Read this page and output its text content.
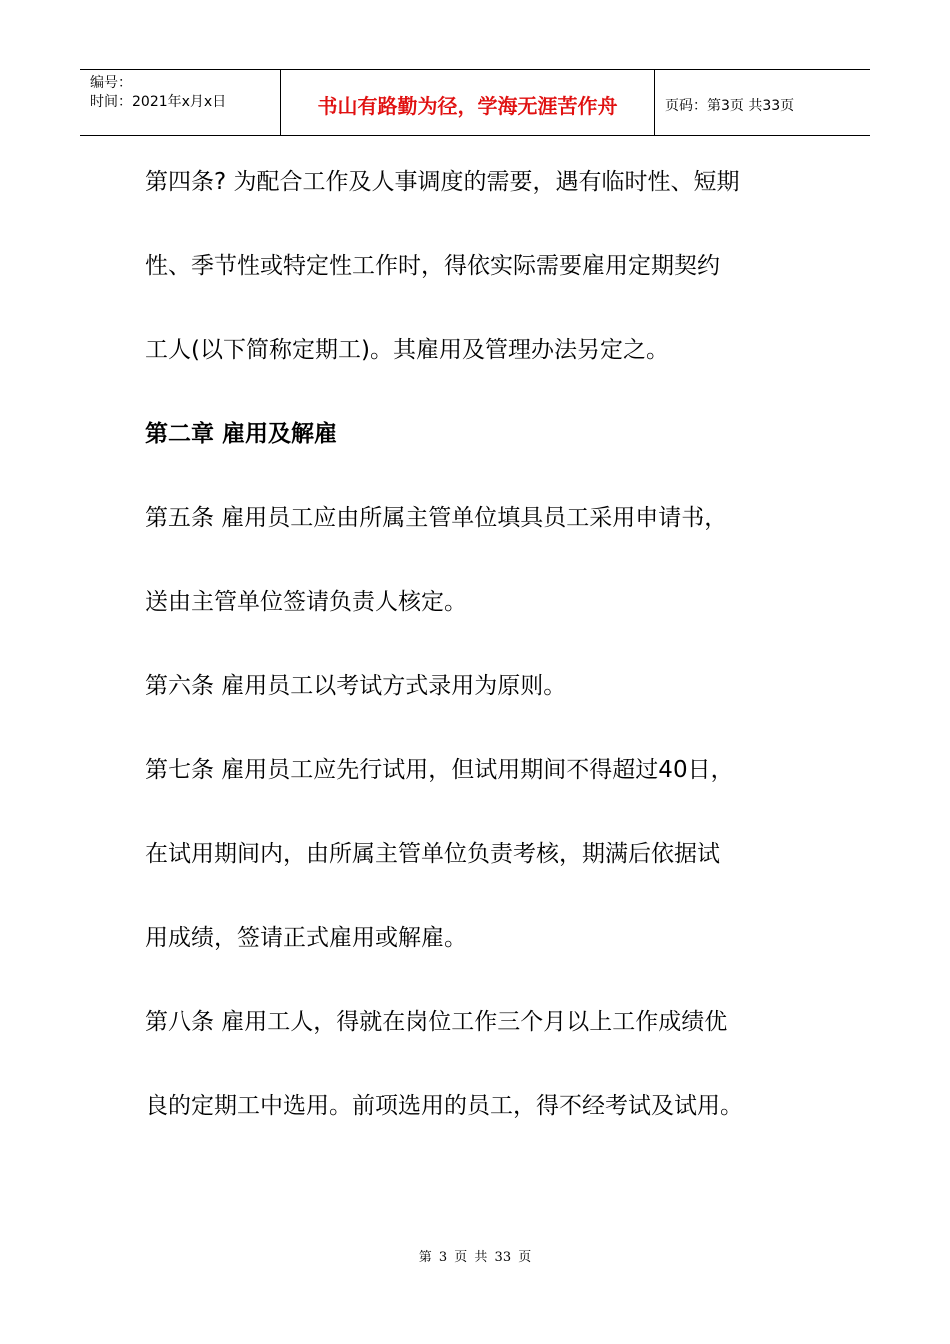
编号：
时间：2021年x月x日	书山有路勤为径，学海无涯苦作舟	页码：第3页 共33页

第四条? 为配合工作及人事调度的需要，遇有临时性、短期

性、季节性或特定性工作时，得依实际需要雇用定期契约

工人(以下简称定期工)。其雇用及管理办法另定之。

第二章 雇用及解雇

第五条 雇用员工应由所属主管单位填具员工采用申请书，

送由主管单位签请负责人核定。

第六条 雇用员工以考试方式录用为原则。

第七条 雇用员工应先行试用，但试用期间不得超过40日，

在试用期间内，由所属主管单位负责考核，期满后依据试

用成绩，签请正式雇用或解雇。

第八条 雇用工人，得就在岗位工作三个月以上工作成绩优

良的定期工中选用。前项选用的员工，得不经考试及试用。

第 3 页 共 33 页
